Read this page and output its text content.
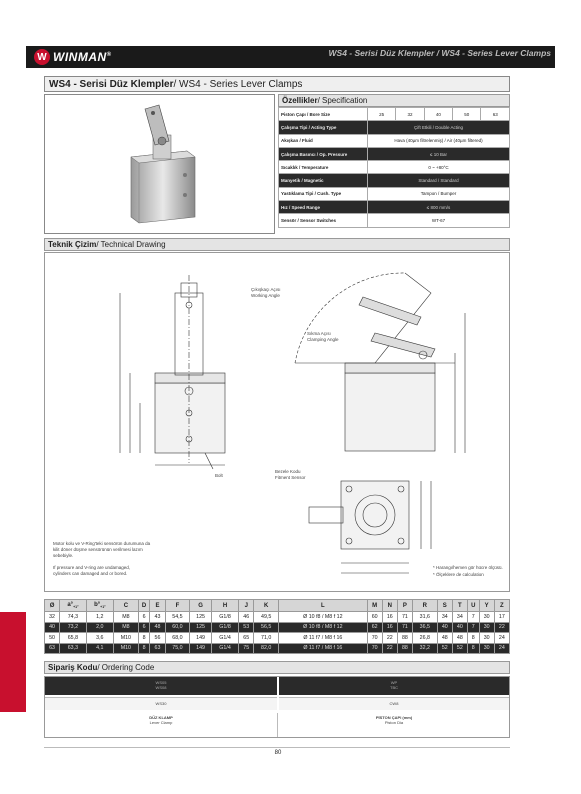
W WINMAN®	WS4 - Serisi Düz Klempler / WS4 - Series Lever Clamps
WS4 - Serisi Düz Klempler / WS4 - Series Lever Clamps
Özellikler / Specification
Piston Çapı / Bore Size	25	32	40	50	63
Çalışma Tipi / Acting Type	Çift Etkili / Double Acting				
Akışkan / Fluid	Hava (40µm filtrelenmiş) / Air (40µm filtered)				
Çalışma Basıncı / Op. Pressure	≤ 10 Bar				
Sıcaklık / Temperature	0 ~ +80°C				
Manyetik / Magnetic	Standard / Standard				
Yastıklama Tipi / Cush. Type	Tampon / Bumper				
Hız / Speed Range	≤ 800 mm/s				
Sensör / Sensor Switches	WT-67				
Teknik Çizim / Technical Drawing
Çıkışkaçı Açısı
Working Angle
Sıkma Açısı
Clamping Angle
Bolt
Bezele Kodu
Fitment Sensor
Motor kolu ve V-Ring'teki sensörün durumuna da
kilit döner düşme sensörünün verilmesi lazım
sebebiyle.
If pressure and V-ring are undamaged,
cylinders can damaged and or bored.
* Harangı/hemen gör hücre ölçüsü.
* Ölçeklere de calculation
Ø	$a^\circ_{+1^\circ}$	$b^\circ_{+1^\circ}$	C	D	E	F	G	H	J	K	L	M	N	P	R	S	T	U	Y	Z
32	74,3	1,2	M8	6	43	54,5	125	G1/8	46	49,5	Ø 10 f8 / M8 f 12	60	16	71	31,6	34	34	7	30	17
40	73,2	2,0	M8	6	48	60,0	125	G1/8	53	56,5	Ø 10 f8 / M8 f 12	62	16	71	36,5	40	40	7	30	22
50	65,8	3,6	M10	8	56	68,0	149	G1/4	65	71,0	Ø 11 f7 / M8 f 16	70	22	88	26,8	48	48	8	30	24
63	63,3	4,1	M10	8	63	75,0	149	G1/4	75	82,0	Ø 11 f7 / M8 f 16	70	22	88	32,2	52	52	8	30	24
Sipariş Kodu / Ordering Code
WS05
WS08
WP
TBC
WS30	CW8
DÜZ KLAMP
Lever Clamp
PİSTON ÇAPI (mm)
Piston Dia
80
